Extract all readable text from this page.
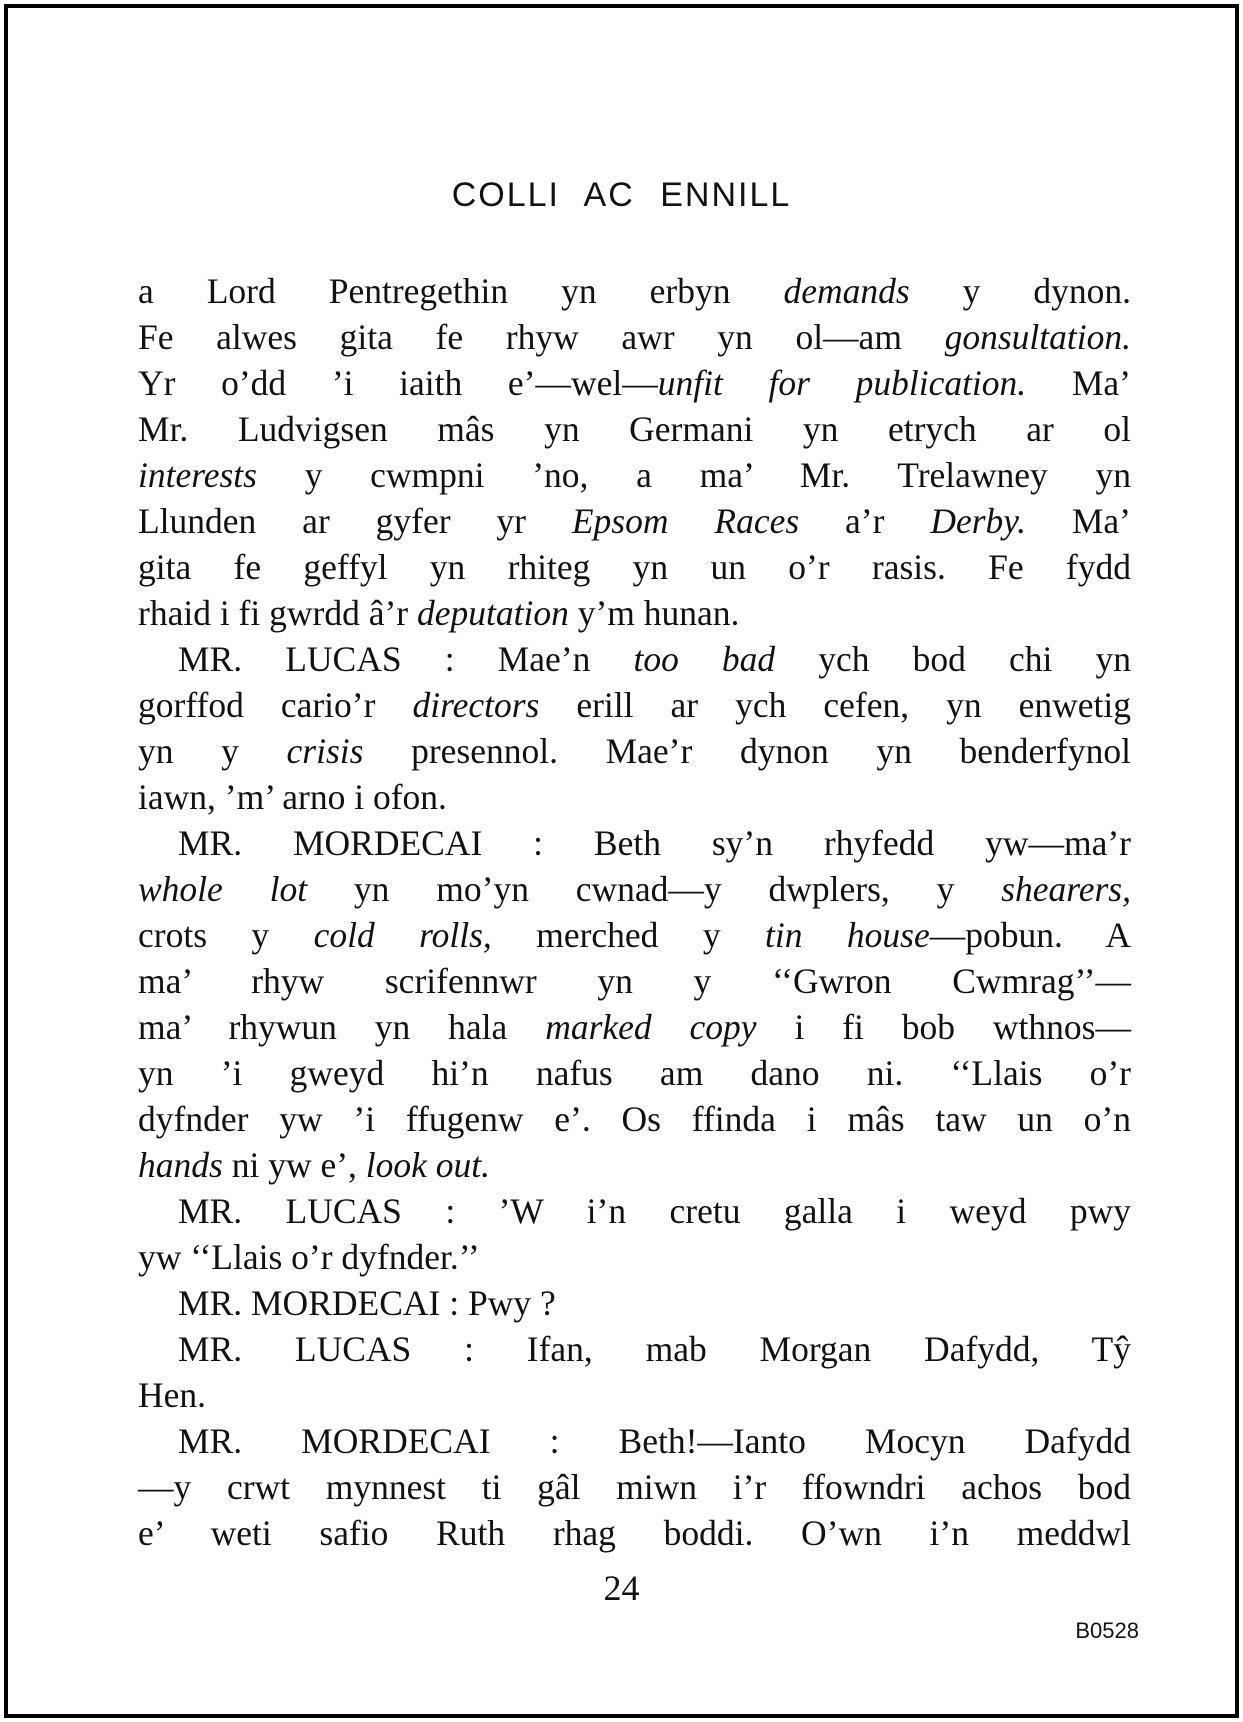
COLLI AC ENNILL
a Lord Pentregethin yn erbyn demands y dynon.
Fe alwes gita fe rhyw awr yn ol—am gonsultation.
Yr o’dd ’i iaith e’—wel—unfit for publication. Ma’
Mr. Ludvigsen mâs yn Germani yn etrych ar ol
interests y cwmpni ’no, a ma’ Mr. Trelawney yn
Llunden ar gyfer yr Epsom Races a’r Derby. Ma’
gita fe geffyl yn rhiteg yn un o’r rasis. Fe fydd
rhaid i fi gwrdd â’r deputation y’m hunan.
MR. LUCAS : Mae’n too bad ych bod chi yn
gorffod cario’r directors erill ar ych cefen, yn enwetig
yn y crisis presennol. Mae’r dynon yn benderfynol
iawn, ’m’ arno i ofon.
MR. MORDECAI : Beth sy’n rhyfedd yw—ma’r
whole lot yn mo’yn cwnad—y dwplers, y shearers,
crots y cold rolls, merched y tin house—pobun. A
ma’ rhyw scrifennwr yn y ‘‘Gwron Cwmrag’’—
ma’ rhywun yn hala marked copy i fi bob wthnos—
yn ’i gweyd hi’n nafus am dano ni. ‘‘Llais o’r
dyfnder yw ’i ffugenw e’. Os ffinda i mâs taw un o’n
hands ni yw e’, look out.
MR. LUCAS : ’W i’n cretu galla i weyd pwy
yw ‘‘Llais o’r dyfnder.’’
MR. MORDECAI : Pwy ?
MR. LUCAS : Ifan, mab Morgan Dafydd, Tŷ
Hen.
MR. MORDECAI : Beth!—Ianto Mocyn Dafydd
—y crwt mynnest ti gâl miwn i’r ffowndri achos bod
e’ weti safio Ruth rhag boddi. O’wn i’n meddwl
24
B0528
